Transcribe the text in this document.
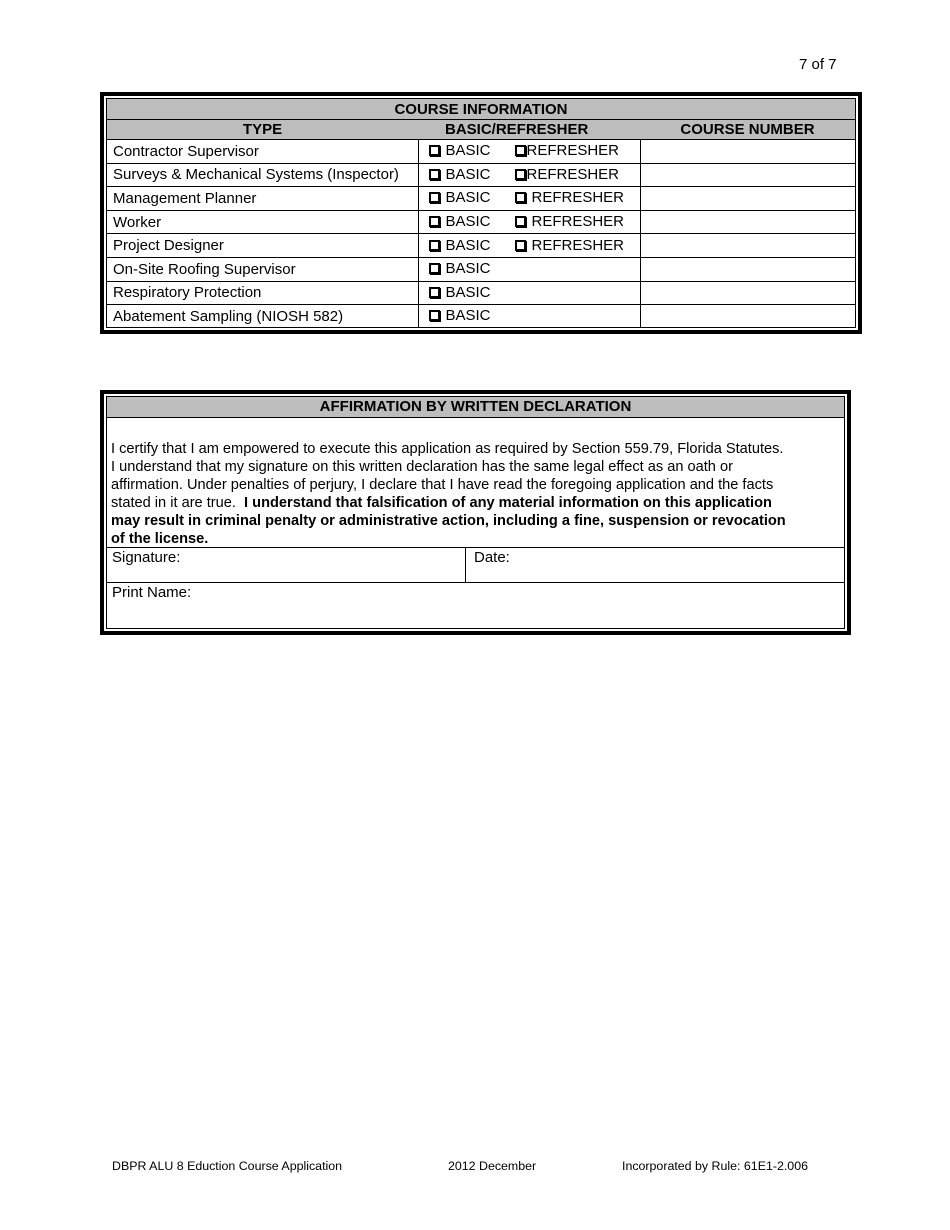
7 of 7
COURSE INFORMATION		
TYPE	BASIC/REFRESHER	COURSE NUMBER
Contractor Supervisor	BASIC REFRESHER	

Surveys & Mechanical Systems (Inspector)	BASIC REFRESHER	

Management Planner	BASIC REFRESHER	

Worker	BASIC REFRESHER	

Project Designer	BASIC REFRESHER	

On-Site Roofing Supervisor	BASIC	

Respiratory Protection	BASIC	

Abatement Sampling (NIOSH 582)	BASIC	

AFFIRMATION BY WRITTEN DECLARATION
I certify that I am empowered to execute this application as required by Section 559.79, Florida Statutes.
I understand that my signature on this written declaration has the same legal effect as an oath or
affirmation. Under penalties of perjury, I declare that I have read the foregoing application and the facts
stated in it are true.  I understand that falsification of any material information on this application
may result in criminal penalty or administrative action, including a fine, suspension or revocation
of the license.
Signature:	Date:
Print Name:
DBPR ALU 8 Eduction Course Application	2012 December	Incorporated by Rule: 61E1-2.006
